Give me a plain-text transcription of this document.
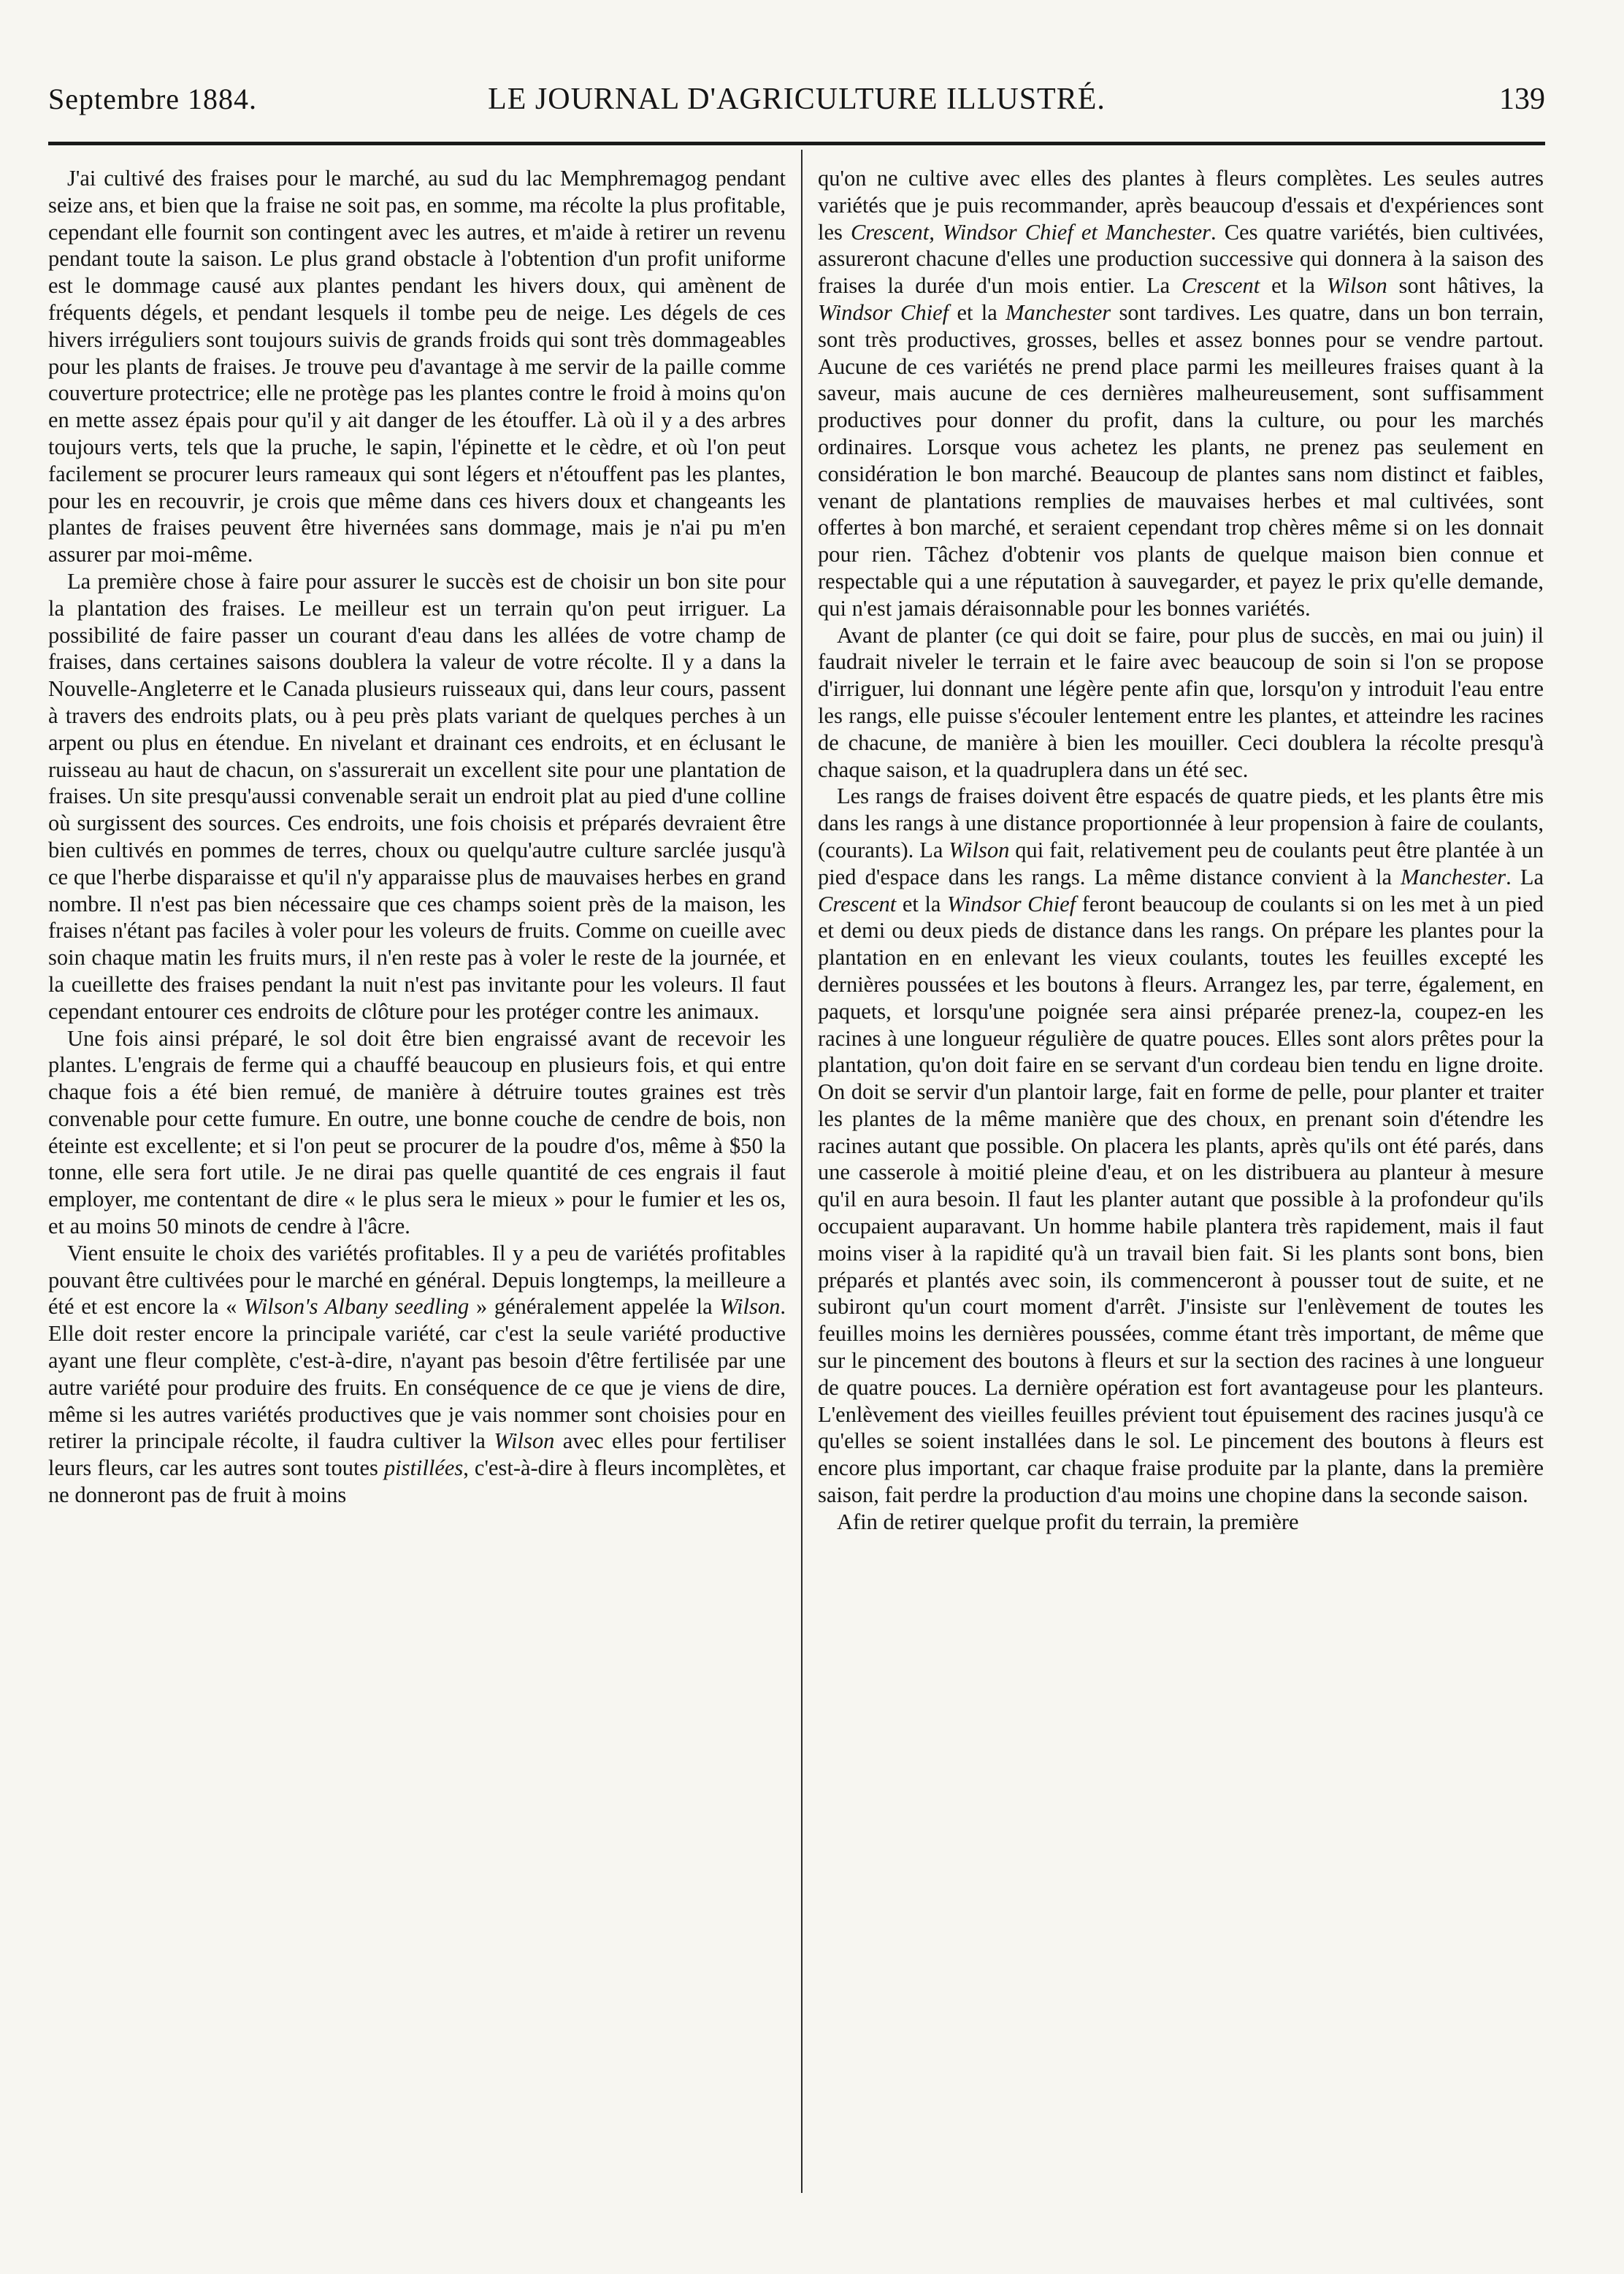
Septembre 1884.	LE JOURNAL D'AGRICULTURE ILLUSTRÉ.	139

J'ai cultivé des fraises pour le marché, au sud du lac Memphremagog pendant seize ans, et bien que la fraise ne soit pas, en somme, ma récolte la plus profitable, cependant elle fournit son contingent avec les autres, et m'aide à retirer un revenu pendant toute la saison. Le plus grand obstacle à l'obtention d'un profit uniforme est le dommage causé aux plantes pendant les hivers doux, qui amènent de fréquents dégels, et pendant lesquels il tombe peu de neige. Les dégels de ces hivers irréguliers sont toujours suivis de grands froids qui sont très dommageables pour les plants de fraises. Je trouve peu d'avantage à me servir de la paille comme couverture protectrice; elle ne protège pas les plantes contre le froid à moins qu'on en mette assez épais pour qu'il y ait danger de les étouffer. Là où il y a des arbres toujours verts, tels que la pruche, le sapin, l'épinette et le cèdre, et où l'on peut facilement se procurer leurs rameaux qui sont légers et n'étouffent pas les plantes, pour les en recouvrir, je crois que même dans ces hivers doux et changeants les plantes de fraises peuvent être hivernées sans dommage, mais je n'ai pu m'en assurer par moi-même.

La première chose à faire pour assurer le succès est de choisir un bon site pour la plantation des fraises. Le meilleur est un terrain qu'on peut irriguer. La possibilité de faire passer un courant d'eau dans les allées de votre champ de fraises, dans certaines saisons doublera la valeur de votre récolte. Il y a dans la Nouvelle-Angleterre et le Canada plusieurs ruisseaux qui, dans leur cours, passent à travers des endroits plats, ou à peu près plats variant de quelques perches à un arpent ou plus en étendue. En nivelant et drainant ces endroits, et en éclusant le ruisseau au haut de chacun, on s'assurerait un excellent site pour une plantation de fraises. Un site presqu'aussi convenable serait un endroit plat au pied d'une colline où surgissent des sources. Ces endroits, une fois choisis et préparés devraient être bien cultivés en pommes de terres, choux ou quelqu'autre culture sarclée jusqu'à ce que l'herbe disparaisse et qu'il n'y apparaisse plus de mauvaises herbes en grand nombre. Il n'est pas bien nécessaire que ces champs soient près de la maison, les fraises n'étant pas faciles à voler pour les voleurs de fruits. Comme on cueille avec soin chaque matin les fruits murs, il n'en reste pas à voler le reste de la journée, et la cueillette des fraises pendant la nuit n'est pas invitante pour les voleurs. Il faut cependant entourer ces endroits de clôture pour les protéger contre les animaux.

Une fois ainsi préparé, le sol doit être bien engraissé avant de recevoir les plantes. L'engrais de ferme qui a chauffé beaucoup en plusieurs fois, et qui entre chaque fois a été bien remué, de manière à détruire toutes graines est très convenable pour cette fumure. En outre, une bonne couche de cendre de bois, non éteinte est excellente; et si l'on peut se procurer de la poudre d'os, même à $50 la tonne, elle sera fort utile. Je ne dirai pas quelle quantité de ces engrais il faut employer, me contentant de dire « le plus sera le mieux » pour le fumier et les os, et au moins 50 minots de cendre à l'âcre.

Vient ensuite le choix des variétés profitables. Il y a peu de variétés profitables pouvant être cultivées pour le marché en général. Depuis longtemps, la meilleure a été et est encore la « Wilson's Albany seedling » généralement appelée la Wilson. Elle doit rester encore la principale variété, car c'est la seule variété productive ayant une fleur complète, c'est-à-dire, n'ayant pas besoin d'être fertilisée par une autre variété pour produire des fruits. En conséquence de ce que je viens de dire, même si les autres variétés productives que je vais nommer sont choisies pour en retirer la principale récolte, il faudra cultiver la Wilson avec elles pour fertiliser leurs fleurs, car les autres sont toutes pistillées, c'est-à-dire à fleurs incomplètes, et ne donneront pas de fruit à moins

qu'on ne cultive avec elles des plantes à fleurs complètes. Les seules autres variétés que je puis recommander, après beaucoup d'essais et d'expériences sont les Crescent, Windsor Chief et Manchester. Ces quatre variétés, bien cultivées, assureront chacune d'elles une production successive qui donnera à la saison des fraises la durée d'un mois entier. La Crescent et la Wilson sont hâtives, la Windsor Chief et la Manchester sont tardives. Les quatre, dans un bon terrain, sont très productives, grosses, belles et assez bonnes pour se vendre partout. Aucune de ces variétés ne prend place parmi les meilleures fraises quant à la saveur, mais aucune de ces dernières malheureusement, sont suffisamment productives pour donner du profit, dans la culture, ou pour les marchés ordinaires. Lorsque vous achetez les plants, ne prenez pas seulement en considération le bon marché. Beaucoup de plantes sans nom distinct et faibles, venant de plantations remplies de mauvaises herbes et mal cultivées, sont offertes à bon marché, et seraient cependant trop chères même si on les donnait pour rien. Tâchez d'obtenir vos plants de quelque maison bien connue et respectable qui a une réputation à sauvegarder, et payez le prix qu'elle demande, qui n'est jamais déraisonnable pour les bonnes variétés.

Avant de planter (ce qui doit se faire, pour plus de succès, en mai ou juin) il faudrait niveler le terrain et le faire avec beaucoup de soin si l'on se propose d'irriguer, lui donnant une légère pente afin que, lorsqu'on y introduit l'eau entre les rangs, elle puisse s'écouler lentement entre les plantes, et atteindre les racines de chacune, de manière à bien les mouiller. Ceci doublera la récolte presqu'à chaque saison, et la quadruplera dans un été sec.

Les rangs de fraises doivent être espacés de quatre pieds, et les plants être mis dans les rangs à une distance proportionnée à leur propension à faire de coulants, (courants). La Wilson qui fait, relativement peu de coulants peut être plantée à un pied d'espace dans les rangs. La même distance convient à la Manchester. La Crescent et la Windsor Chief feront beaucoup de coulants si on les met à un pied et demi ou deux pieds de distance dans les rangs. On prépare les plantes pour la plantation en en enlevant les vieux coulants, toutes les feuilles excepté les dernières poussées et les boutons à fleurs. Arrangez les, par terre, également, en paquets, et lorsqu'une poignée sera ainsi préparée prenez-la, coupez-en les racines à une longueur régulière de quatre pouces. Elles sont alors prêtes pour la plantation, qu'on doit faire en se servant d'un cordeau bien tendu en ligne droite. On doit se servir d'un plantoir large, fait en forme de pelle, pour planter et traiter les plantes de la même manière que des choux, en prenant soin d'étendre les racines autant que possible. On placera les plants, après qu'ils ont été parés, dans une casserole à moitié pleine d'eau, et on les distribuera au planteur à mesure qu'il en aura besoin. Il faut les planter autant que possible à la profondeur qu'ils occupaient auparavant. Un homme habile plantera très rapidement, mais il faut moins viser à la rapidité qu'à un travail bien fait. Si les plants sont bons, bien préparés et plantés avec soin, ils commenceront à pousser tout de suite, et ne subiront qu'un court moment d'arrêt. J'insiste sur l'enlèvement de toutes les feuilles moins les dernières poussées, comme étant très important, de même que sur le pincement des boutons à fleurs et sur la section des racines à une longueur de quatre pouces. La dernière opération est fort avantageuse pour les planteurs. L'enlèvement des vieilles feuilles prévient tout épuisement des racines jusqu'à ce qu'elles se soient installées dans le sol. Le pincement des boutons à fleurs est encore plus important, car chaque fraise produite par la plante, dans la première saison, fait perdre la production d'au moins une chopine dans la seconde saison.

Afin de retirer quelque profit du terrain, la première
